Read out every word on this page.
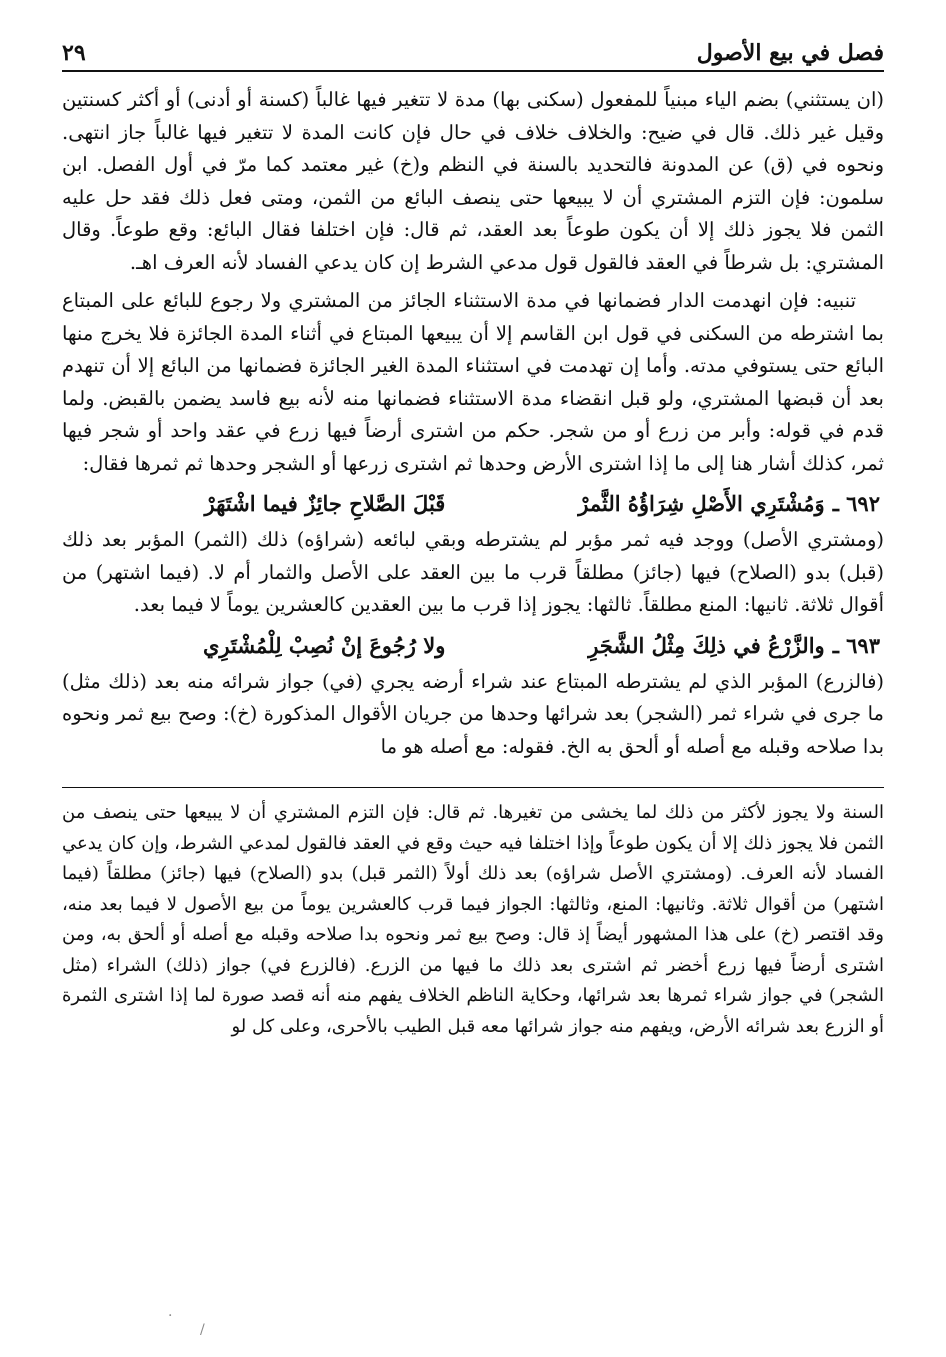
فصل في بيع الأصول
٢٩

(ان يستثني) بضم الياء مبنياً للمفعول (سكنى بها) مدة لا تتغير فيها غالباً (كسنة أو أدنى) أو أكثر كسنتين وقيل غير ذلك. قال في ضيح: والخلاف خلاف في حال فإن كانت المدة لا تتغير فيها غالباً جاز انتهى. ونحوه في (ق) عن المدونة فالتحديد بالسنة في النظم و(خ) غير معتمد كما مرّ في أول الفصل. ابن سلمون: فإن التزم المشتري أن لا يبيعها حتى ينصف البائع من الثمن، ومتى فعل ذلك فقد حل عليه الثمن فلا يجوز ذلك إلا أن يكون طوعاً بعد العقد، ثم قال: فإن اختلفا فقال البائع: وقع طوعاً. وقال المشتري: بل شرطاً في العقد فالقول قول مدعي الشرط إن كان يدعي الفساد لأنه العرف اهـ.

تنبيه: فإن انهدمت الدار فضمانها في مدة الاستثناء الجائز من المشتري ولا رجوع للبائع على المبتاع بما اشترطه من السكنى في قول ابن القاسم إلا أن يبيعها المبتاع في أثناء المدة الجائزة فلا يخرج منها البائع حتى يستوفي مدته. وأما إن تهدمت في استثناء المدة الغير الجائزة فضمانها من البائع إلا أن تنهدم بعد أن قبضها المشتري، ولو قبل انقضاء مدة الاستثناء فضمانها منه لأنه بيع فاسد يضمن بالقبض. ولما قدم في قوله: وأبر من زرع أو من شجر. حكم من اشترى أرضاً فيها زرع في عقد واحد أو شجر فيها ثمر، كذلك أشار هنا إلى ما إذا اشترى الأرض وحدها ثم اشترى زرعها أو الشجر وحدها ثم ثمرها فقال:

٦٩٢ ـ
وَمُشْتَرِي الأَصْلِ شِرَاؤُهُ الثَّمرْ
قَبْلَ الصَّلاحِ جائِزٌ فيما اشْتَهَرْ

(ومشتري الأصل) ووجد فيه ثمر مؤبر لم يشترطه وبقي لبائعه (شراؤه) ذلك (الثمر) المؤبر بعد ذلك (قبل) بدو (الصلاح) فيها (جائز) مطلقاً قرب ما بين العقد على الأصل والثمار أم لا. (فيما اشتهر) من أقوال ثلاثة. ثانيها: المنع مطلقاً. ثالثها: يجوز إذا قرب ما بين العقدين كالعشرين يوماً لا فيما بعد.

٦٩٣ ـ
والزَّرْعُ في ذلِكَ مِثْلُ الشَّجَرِ
ولا رُجُوعَ إنْ نُصِبْ لِلْمُشْتَرِي

(فالزرع) المؤبر الذي لم يشترطه المبتاع عند شراء أرضه يجري (في) جواز شرائه منه بعد (ذلك مثل) ما جرى في شراء ثمر (الشجر) بعد شرائها وحدها من جريان الأقوال المذكورة (خ): وصح بيع ثمر ونحوه بدا صلاحه وقبله مع أصله أو ألحق به الخ. فقوله: مع أصله هو ما

السنة ولا يجوز لأكثر من ذلك لما يخشى من تغيرها. ثم قال: فإن التزم المشتري أن لا يبيعها حتى ينصف من الثمن فلا يجوز ذلك إلا أن يكون طوعاً وإذا اختلفا فيه حيث وقع في العقد فالقول لمدعي الشرط، وإن كان يدعي الفساد لأنه العرف. (ومشتري الأصل شراؤه) بعد ذلك أولاً (الثمر قبل) بدو (الصلاح) فيها (جائز) مطلقاً (فيما اشتهر) من أقوال ثلاثة. وثانيها: المنع، وثالثها: الجواز فيما قرب كالعشرين يوماً من بيع الأصول لا فيما بعد منه، وقد اقتصر (خ) على هذا المشهور أيضاً إذ قال: وصح بيع ثمر ونحوه بدا صلاحه وقبله مع أصله أو ألحق به، ومن اشترى أرضاً فيها زرع أخضر ثم اشترى بعد ذلك ما فيها من الزرع. (فالزرع في) جواز (ذلك) الشراء (مثل الشجر) في جواز شراء ثمرها بعد شرائها، وحكاية الناظم الخلاف يفهم منه أنه قصد صورة لما إذا اشترى الثمرة أو الزرع بعد شرائه الأرض، ويفهم منه جواز شرائها معه قبل الطيب بالأحرى، وعلى كل لو

·
/
